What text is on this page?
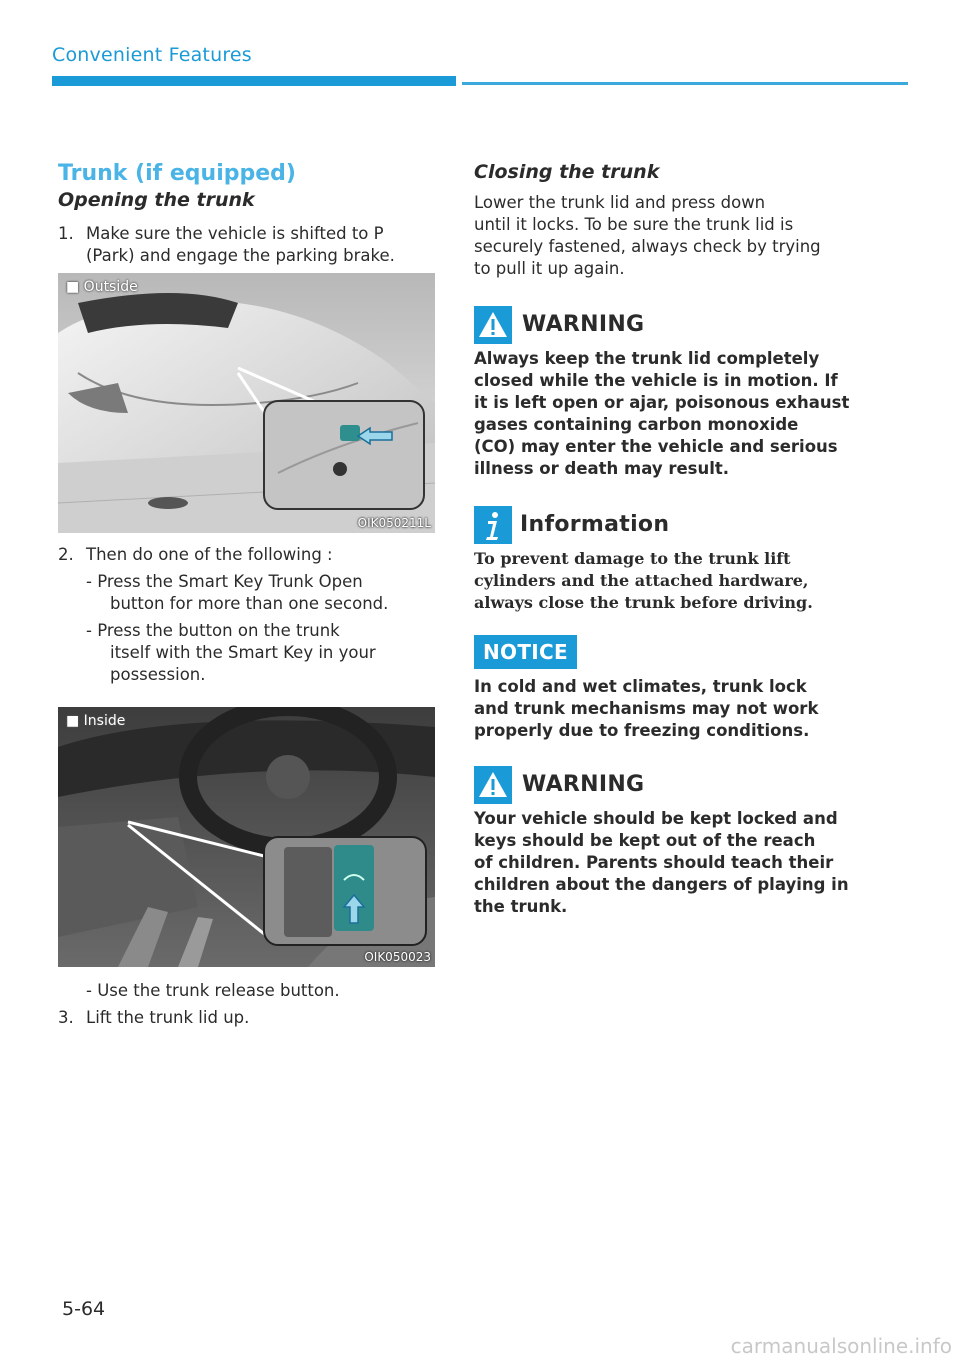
Convenient Features
Trunk (if equipped)
Opening the trunk
1. Make sure the vehicle is shifted to P
(Park) and engage the parking brake.
■ Outside
OIK050211L
2. Then do one of the following :
- Press the Smart Key Trunk Open
button for more than one second.
- Press the button on the trunk
itself with the Smart Key in your
possession.
■ Inside
OIK050023
- Use the trunk release button.
3. Lift the trunk lid up.
Closing the trunk
Lower the trunk lid and press down
until it locks. To be sure the trunk lid is
securely fastened, always check by trying
to pull it up again.
WARNING
Always keep the trunk lid completely
closed while the vehicle is in motion. If
it is left open or ajar, poisonous exhaust
gases containing carbon monoxide
(CO) may enter the vehicle and serious
illness or death may result.
Information
To prevent damage to the trunk lift
cylinders and the attached hardware,
always close the trunk before driving.
NOTICE
In cold and wet climates, trunk lock
and trunk mechanisms may not work
properly due to freezing conditions.
WARNING
Your vehicle should be kept locked and
keys should be kept out of the reach
of children. Parents should teach their
children about the dangers of playing in
the trunk.
5-64
carmanualsonline.info
